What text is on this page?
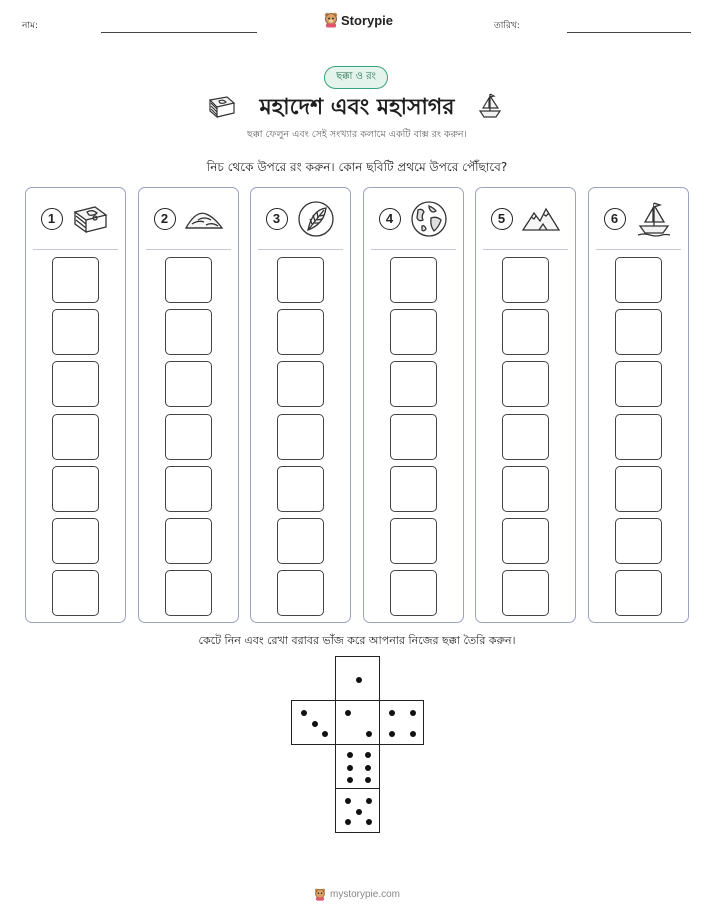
নাম:	Storypie	তারিখ:
ছক্কা ও রং
মহাদেশ এবং মহাসাগর
ছক্কা ফেলুন এবং সেই সংখ্যার কলামে একটি বাক্স রং করুন।
নিচ থেকে উপরে রং করুন। কোন ছবিটি প্রথমে উপরে পৌঁছাবে?
1	2	3	4	5	6
কেটে নিন এবং রেখা বরাবর ভাঁজ করে আপনার নিজের ছক্কা তৈরি করুন।
mystorypie.com
